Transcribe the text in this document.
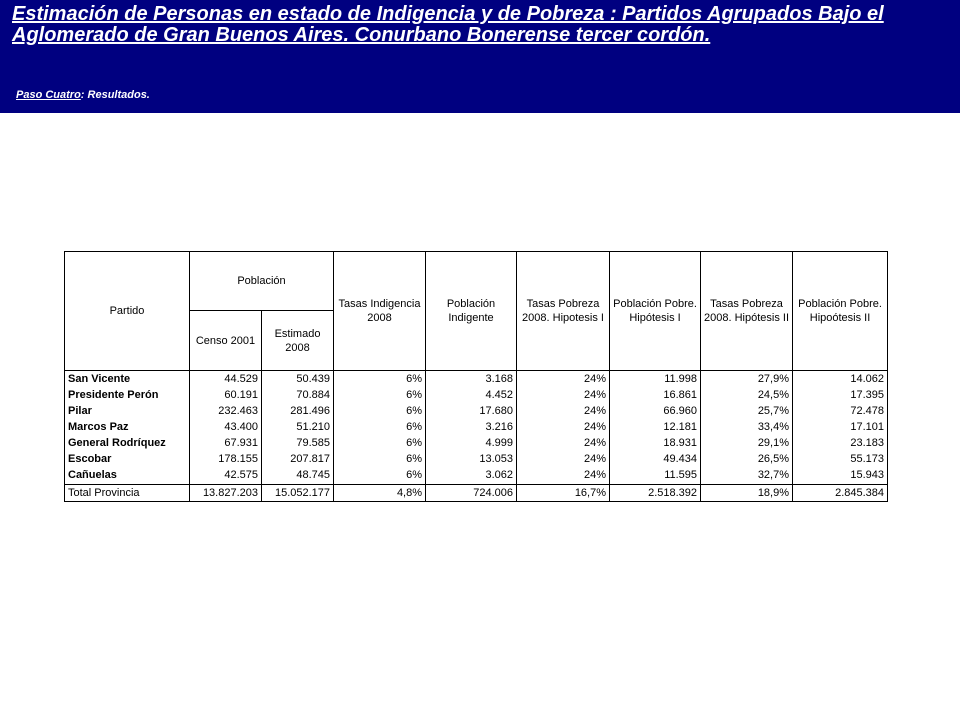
Estimación de Personas en estado de Indigencia y de Pobreza : Partidos Agrupados Bajo el Aglomerado de Gran Buenos Aires. Conurbano Bonerense tercer cordón.

Paso Cuatro: Resultados.
Partido	Población		Tasas Indigencia 2008	Población Indigente	Tasas Pobreza 2008. Hipotesis I	Población Pobre. Hipótesis I	Tasas Pobreza 2008. Hipótesis II	Población Pobre. Hipoótesis II
	Censo 2001	Estimado 2008						
San Vicente	44.529	50.439	6%	3.168	24%	11.998	27,9%	14.062
Presidente Perón	60.191	70.884	6%	4.452	24%	16.861	24,5%	17.395
Pilar	232.463	281.496	6%	17.680	24%	66.960	25,7%	72.478
Marcos Paz	43.400	51.210	6%	3.216	24%	12.181	33,4%	17.101
General Rodríquez	67.931	79.585	6%	4.999	24%	18.931	29,1%	23.183
Escobar	178.155	207.817	6%	13.053	24%	49.434	26,5%	55.173
Cañuelas	42.575	48.745	6%	3.062	24%	11.595	32,7%	15.943

Total Provincia	13.827.203	15.052.177	4,8%	724.006	16,7%	2.518.392	18,9%	2.845.384
